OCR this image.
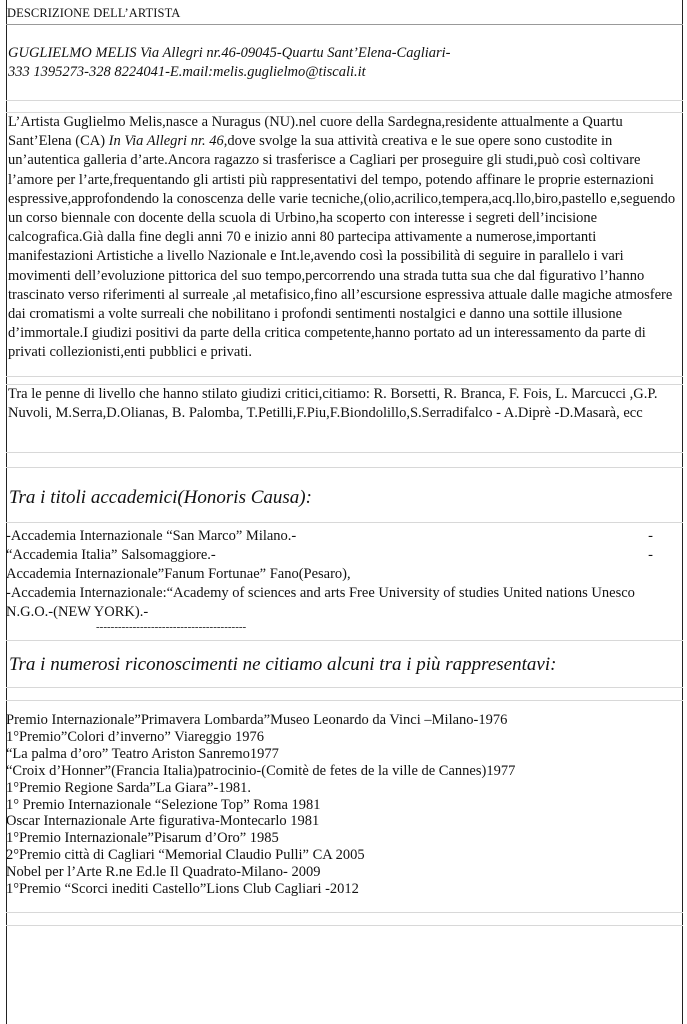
DESCRIZIONE DELL’ARTISTA
GUGLIELMO MELIS Via Allegri nr.46-09045-Quartu Sant’Elena-Cagliari-
333 1395273-328 8224041-E.mail:melis.guglielmo@tiscali.it

L’Artista Guglielmo Melis,nasce a Nuragus (NU).nel cuore della Sardegna,residente attualmente a Quartu Sant’Elena (CA) In Via Allegri nr. 46,dove svolge la sua attività creativa e le sue opere sono custodite in un’autentica galleria d’arte.Ancora ragazzo si trasferisce a Cagliari per proseguire gli studi,può così coltivare l’amore per l’arte,frequentando gli artisti più rappresentativi del tempo, potendo affinare le proprie esternazioni espressive,approfondendo la conoscenza delle varie tecniche,(olio,acrilico,tempera,acq.llo,biro,pastello e,seguendo un corso biennale con docente della scuola di Urbino,ha scoperto con interesse i segreti dell’incisione calcografica.Già dalla fine degli anni 70 e inizio anni 80 partecipa attivamente a numerose,importanti manifestazioni Artistiche a livello Nazionale e Int.le,avendo così la possibilità di seguire in parallelo i vari movimenti dell’evoluzione pittorica del suo tempo,percorrendo una strada tutta sua che dal figurativo l’hanno trascinato verso riferimenti al surreale ,al metafisico,fino all’escursione espressiva attuale dalle magiche atmosfere dai cromatismi a volte surreali che nobilitano i profondi sentimenti nostalgici e danno una sottile illusione d’immortale.I giudizi positivi da parte della critica competente,hanno portato ad un interessamento da parte di privati collezionisti,enti pubblici e privati.

Tra le penne di livello che hanno stilato giudizi critici,citiamo: R. Borsetti, R. Branca, F. Fois, L. Marcucci ,G.P. Nuvoli, M.Serra,D.Olianas, B. Palomba, T.Petilli,F.Piu,F.Biondolillo,S.Serradifalco - A.Diprè -D.Masarà, ecc
Tra i titoli accademici(Honoris Causa):
-Accademia Internazionale “San Marco” Milano.-	-
“Accademia Italia” Salsomaggiore.-	-
Accademia Internazionale”Fanum Fortunae” Fano(Pesaro),
-Accademia Internazionale:“Academy of sciences and arts Free University of studies United nations Unesco N.G.O.-(NEW YORK).-
-----------------------------------------
Tra i numerosi riconoscimenti ne citiamo alcuni tra i più rappresentavi:
Premio Internazionale”Primavera Lombarda”Museo Leonardo da Vinci –Milano-1976
1°Premio”Colori d’inverno” Viareggio 1976
“La palma d’oro” Teatro Ariston Sanremo1977
“Croix d’Honner”(Francia Italia)patrocinio-(Comitè de fetes de la ville de Cannes)1977
1°Premio Regione Sarda”La Giara”-1981.
1° Premio Internazionale “Selezione Top” Roma 1981
Oscar Internazionale Arte figurativa-Montecarlo 1981
1°Premio Internazionale”Pisarum d’Oro” 1985
2°Premio città di Cagliari “Memorial Claudio Pulli” CA 2005
Nobel per l’Arte R.ne Ed.le Il Quadrato-Milano- 2009
1°Premio “Scorci inediti Castello”Lions Club Cagliari -2012
